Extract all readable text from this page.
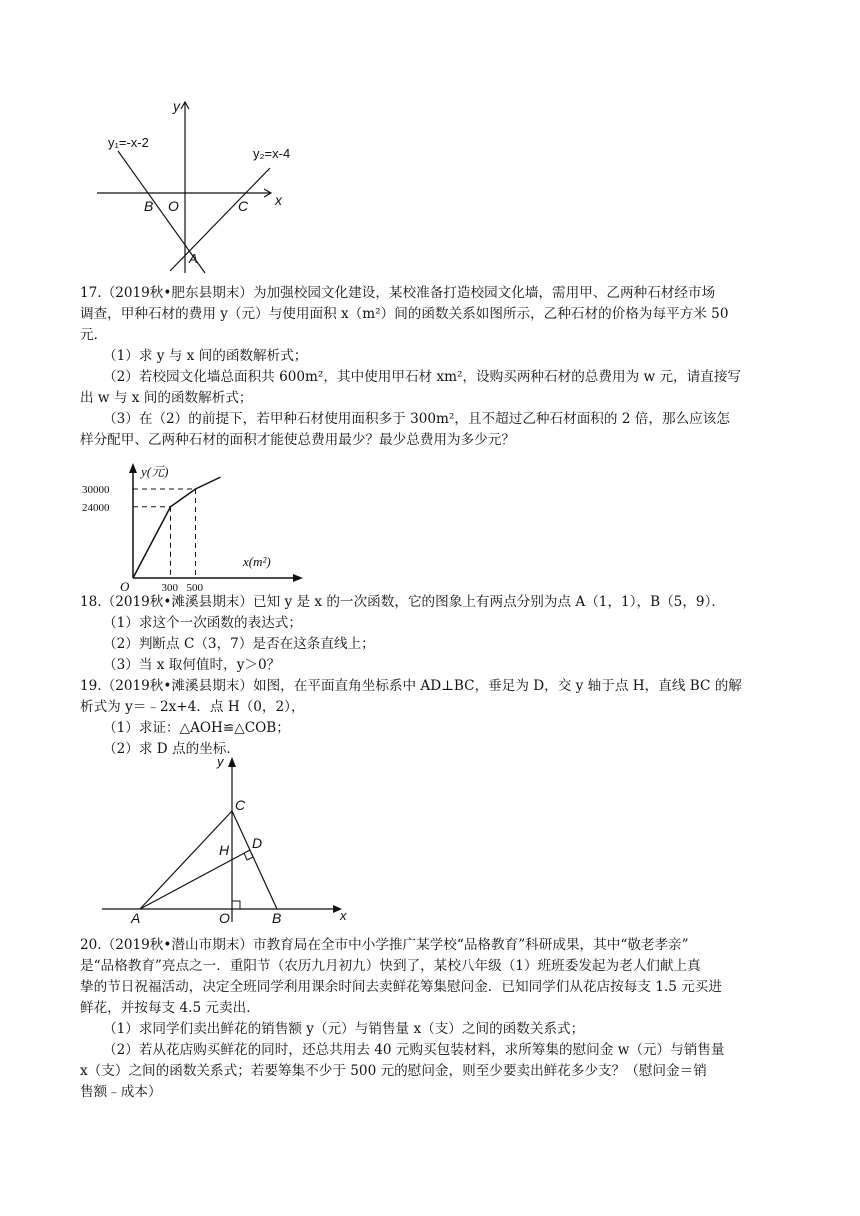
x
y
y₁=-x-2
y₂=x-4
B O	C
A
17.（2019秋•肥东县期末）为加强校园文化建设，某校准备打造校园文化墙，需用甲、乙两种石材经市场
调查，甲种石材的费用 y（元）与使用面积 x（m²）间的函数关系如图所示，乙种石材的价格为每平方米 50
元．
（1）求 y 与 x 间的函数解析式；
（2）若校园文化墙总面积共 600m²，其中使用甲石材 xm²，设购买两种石材的总费用为 w 元，请直接写
出 w 与 x 间的函数解析式；
（3）在（2）的前提下，若甲种石材使用面积多于 300m²，且不超过乙种石材面积的 2 倍，那么应该怎
样分配甲、乙两种石材的面积才能使总费用最少？最少总费用为多少元？
y(元)
x(m²)
O	300 500
30000
24000
18.（2019秋•滩溪县期末）已知 y 是 x 的一次函数，它的图象上有两点分别为点 A（1，1），B（5，9）．
（1）求这个一次函数的表达式；
（2）判断点 C（3，7）是否在这条直线上；
（3）当 x 取何值时，y＞0？
19.（2019秋•滩溪县期末）如图，在平面直角坐标系中 AD⊥BC，垂足为 D，交 y 轴于点 H，直线 BC 的解
析式为 y＝﹣2x+4．点 H（0，2），
（1）求证：△AOH≌△COB；
（2）求 D 点的坐标．
x
y
A	O	B
C
H D
20.（2019秋•潜山市期末）市教育局在全市中小学推广某学校“品格教育”科研成果，其中“敬老孝亲”
是“品格教育”亮点之一．重阳节（农历九月初九）快到了，某校八年级（1）班班委发起为老人们献上真
挚的节日祝福活动，决定全班同学利用课余时间去卖鲜花筹集慰问金．已知同学们从花店按每支 1.5 元买进
鲜花，并按每支 4.5 元卖出．
（1）求同学们卖出鲜花的销售额 y（元）与销售量 x（支）之间的函数关系式；
（2）若从花店购买鲜花的同时，还总共用去 40 元购买包装材料，求所筹集的慰问金 w（元）与销售量
x（支）之间的函数关系式；若要筹集不少于 500 元的慰问金，则至少要卖出鲜花多少支？（慰问金＝销
售额﹣成本）
